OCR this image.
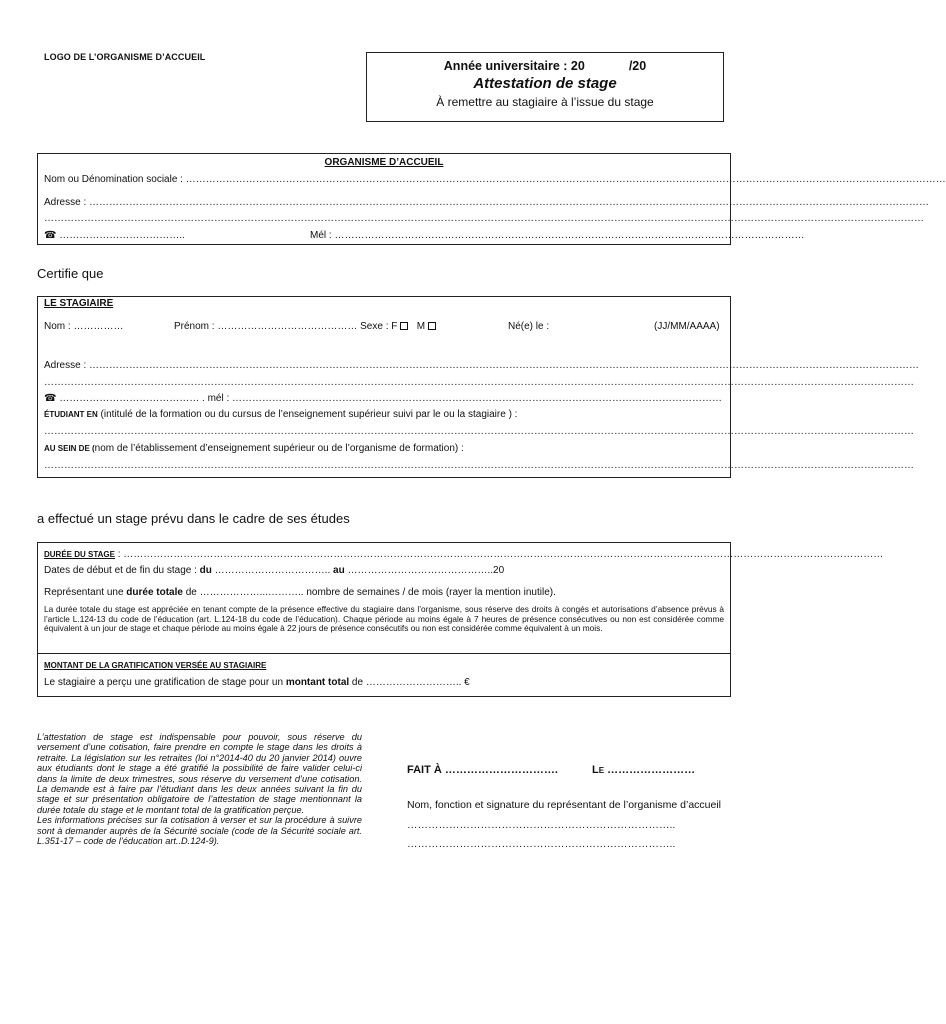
LOGO DE L’ORGANISME D’ACCUEIL
Année universitaire : 20	/20
Attestation de stage
À remettre au stagiaire à l’issue du stage
ORGANISME D’ACCUEIL
Nom ou Dénomination sociale : …………………………………………………………………………………………………………………………………………………………………………………………………………
Adresse : ………………………………………………………………………………………………………………………………………………………………………………………………………………………………
…………………………………………………………………………………………………………………………………………………………………………………………………………………………………………
☎ ………………………………..	Mél : ……………………………………………………………………………………………………………………………
Certifie que
LE STAGIAIRE
Nom : ……………	Prénom : …………………………………… Sexe : F M	Né(e) le :	(JJ/MM/AAAA)
Adresse : ……………………………………………………………………………………………………………………………………………………………………………………………………………………………
………………………………………………………………………………………………………………………………………………………………………………………………………………………………………
☎ …………………………………… . mél : …………………………………………………………………………………………………………………………………
ÉTUDIANT EN (intitulé de la formation ou du cursus de l’enseignement supérieur suivi par le ou la stagiaire ) :
………………………………………………………………………………………………………………………………………………………………………………………………………………………………………
AU SEIN DE (nom de l’établissement d’enseignement supérieur ou de l’organisme de formation) :
………………………………………………………………………………………………………………………………………………………………………………………………………………………………………
a effectué un stage prévu dans le cadre de ses études
DURÉE DU STAGE : …………………………………………………………………………………………………………………………………………………………………………………………………………
Dates de début et de fin du stage : du …………………………….. au ……………………………………..20
Représentant une durée totale de ………………...……….. nombre de semaines / de mois (rayer la mention inutile).
La durée totale du stage est appréciée en tenant compte de la présence effective du stagiaire dans l’organisme, sous réserve des droits à congés et autorisations d’absence prévus à l’article L.124-13 du code de l’éducation (art. L.124-18 du code de l’éducation). Chaque période au moins égale à 7 heures de présence consécutives ou non est considérée comme équivalent à un jour de stage et chaque période au moins égale à 22 jours de présence consécutifs ou non est considérée comme équivalent à un mois.
MONTANT DE LA GRATIFICATION VERSÉE AU STAGIAIRE
Le stagiaire a perçu une gratification de stage pour un montant total de ……………………….. €
L’attestation de stage est indispensable pour pouvoir, sous réserve du versement d’une cotisation, faire prendre en compte le stage dans les droits à retraite. La législation sur les retraites (loi n°2014-40 du 20 janvier 2014) ouvre aux étudiants dont le stage a été gratifié la possibilité de faire valider celui-ci dans la limite de deux trimestres, sous réserve du versement d’une cotisation. La demande est à faire par l’étudiant dans les deux années suivant la fin du stage et sur présentation obligatoire de l’attestation de stage mentionnant la durée totale du stage et le montant total de la gratification perçue.
Les informations précises sur la cotisation à verser et sur la procédure à suivre sont à demander auprès de la Sécurité sociale (code de la Sécurité sociale art. L.351-17 – code de l’éducation art..D.124-9).
FAIT À ………………………….	Le ……………………
Nom, fonction et signature du représentant de l’organisme d’accueil
…………………………………………………………………..
…………………………………………………………………..
